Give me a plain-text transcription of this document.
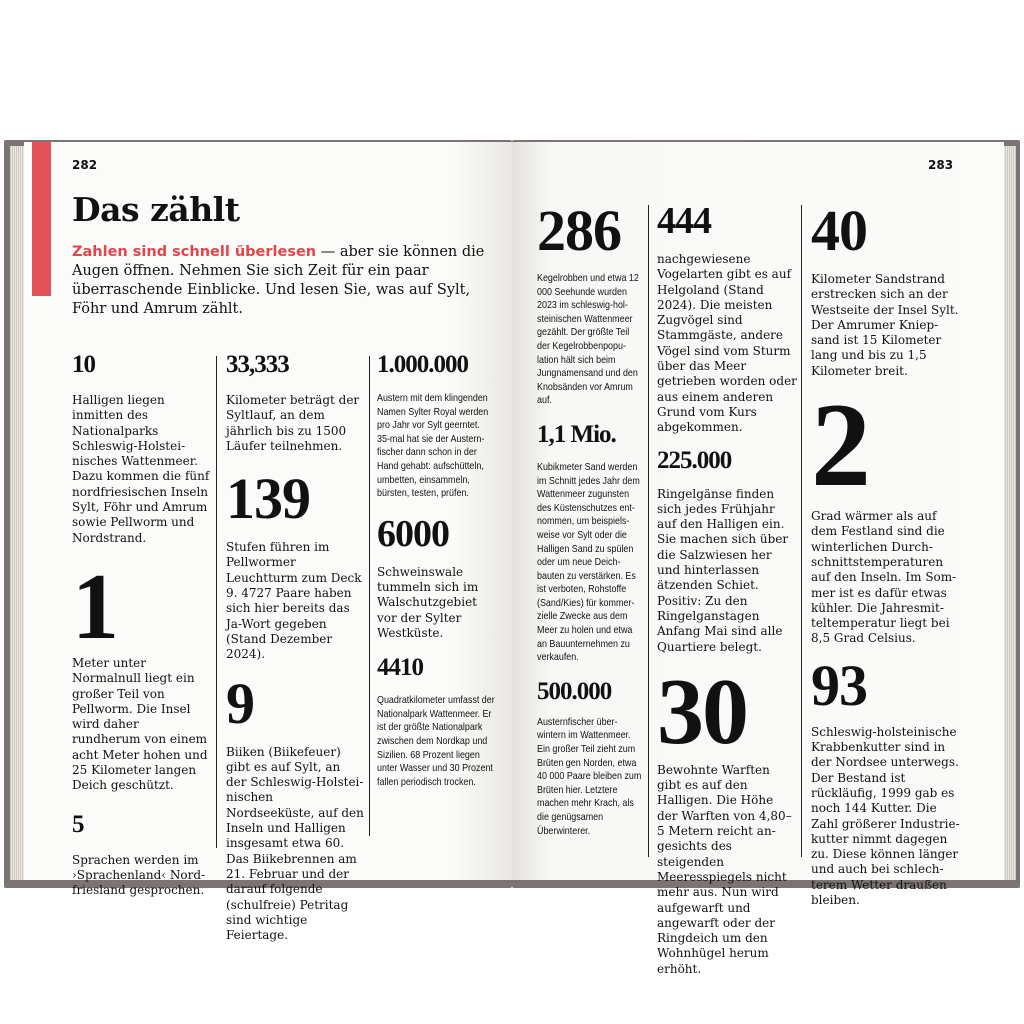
282
Das zählt
Zahlen sind schnell überlesen — aber sie können die Augen öffnen. Nehmen Sie sich Zeit für ein paar überraschende Einblicke. Und lesen Sie, was auf Sylt, Föhr und Amrum zählt.
10
Halligen liegen inmitten des Nationalparks Schleswig-Holsteinisches Wattenmeer. Dazu kommen die fünf nordfriesischen Inseln Sylt, Föhr und Amrum sowie Pellworm und Nordstrand.
1
Meter unter Normalnull liegt ein großer Teil von Pellworm. Die Insel wird daher rundherum von einem acht Meter hohen und 25 Kilometer langen Deich geschützt.
5
Sprachen werden im ›Sprachenland‹ Nordfriesland gesprochen.
33,333
Kilometer beträgt der Syltlauf, an dem jährlich bis zu 1500 Läufer teilnehmen.
139
Stufen führen im Pellwormer Leuchtturm zum Deck 9. 4727 Paare haben sich hier bereits das Ja-Wort gegeben (Stand Dezember 2024).
9
Biiken (Biikefeuer) gibt es auf Sylt, an der Schleswig-Holsteinischen Nordseeküste, auf den Inseln und Halligen insgesamt etwa 60. Das Biikebrennen am 21. Februar und der darauf folgende (schulfreie) Petritag sind wichtige Feiertage.
1.000.000
Austern mit dem klingenden Namen Sylter Royal werden pro Jahr vor Sylt geerntet. 35-mal hat sie der Austernfischer dann schon in der Hand gehabt: aufschütteln, umbetten, einsammeln, bürsten, testen, prüfen.
6000
Schweinswale tummeln sich im Walschutzgebiet vor der Sylter Westküste.
4410
Quadratkilometer umfasst der Nationalpark Wattenmeer. Er ist der größte Nationalpark zwischen dem Nordkap und Sizilien. 68 Prozent liegen unter Wasser und 30 Prozent fallen periodisch trocken.
283
286
Kegelrobben und etwa 12 000 Seehunde wurden 2023 im schleswig-holsteinischen Wattenmeer gezählt. Der größte Teil der Kegelrobbenpopulation hält sich beim Jungnamensand und den Knobsänden vor Amrum auf.
1,1 Mio.
Kubikmeter Sand werden im Schnitt jedes Jahr dem Wattenmeer zugunsten des Küstenschutzes entnommen, um beispielsweise vor Sylt oder die Halligen Sand zu spülen oder um neue Deichbauten zu verstärken. Es ist verboten, Rohstoffe (Sand/Kies) für kommerzielle Zwecke aus dem Meer zu holen und etwa an Bauunternehmen zu verkaufen.
500.000
Austernfischer überwintern im Wattenmeer. Ein großer Teil zieht zum Brüten gen Norden, etwa 40 000 Paare bleiben zum Brüten hier. Letztere machen mehr Krach, als die genügsamen Überwinterer.
444
nachgewiesene Vogelarten gibt es auf Helgoland (Stand 2024). Die meisten Zugvögel sind Stammgäste, andere Vögel sind vom Sturm über das Meer getrieben worden oder aus einem anderen Grund vom Kurs abgekommen.
225.000
Ringelgänse finden sich jedes Frühjahr auf den Halligen ein. Sie machen sich über die Salzwiesen her und hinterlassen ätzenden Schiet. Positiv: Zu den Ringelganstagen Anfang Mai sind alle Quartiere belegt.
30
Bewohnte Warften gibt es auf den Halligen. Die Höhe der Warften von 4,80–5 Metern reicht angesichts des steigenden Meeresspiegels nicht mehr aus. Nun wird aufgewarft und angewarft oder der Ringdeich um den Wohnhügel herum erhöht.
40
Kilometer Sandstrand erstrecken sich an der Westseite der Insel Sylt. Der Amrumer Kniepsand ist 15 Kilometer lang und bis zu 1,5 Kilometer breit.
2
Grad wärmer als auf dem Festland sind die winterlichen Durchschnittstemperaturen auf den Inseln. Im Sommer ist es dafür etwas kühler. Die Jahresmitteltemperatur liegt bei 8,5 Grad Celsius.
93
Schleswig-holsteinische Krabbenkutter sind in der Nordsee unterwegs. Der Bestand ist rückläufig, 1999 gab es noch 144 Kutter. Die Zahl größerer Industriekutter nimmt dagegen zu. Diese können länger und auch bei schlechterem Wetter draußen bleiben.
